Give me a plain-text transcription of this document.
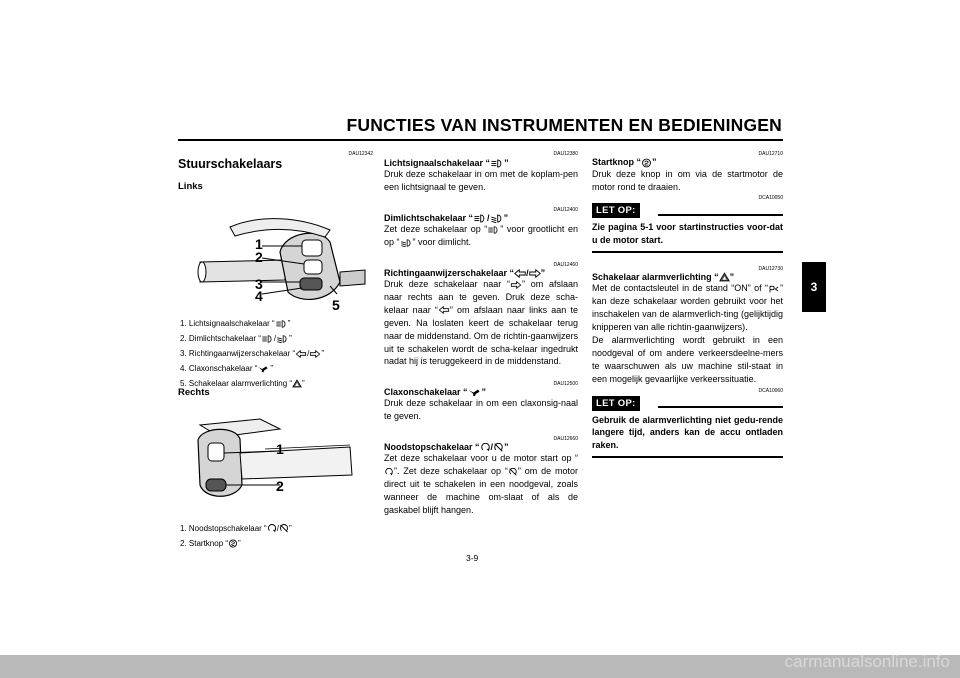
FUNCTIES VAN INSTRUMENTEN EN BEDIENINGEN
3
DAU12342
Stuurschakelaars
Links
1
2
3
4
5
1. Lichtsignaalschakelaar “ ”
2. Dimlichtschakelaar “ / ”
3. Richtingaanwijzerschakelaar “ / ”
4. Claxonschakelaar “ ”
5. Schakelaar alarmverlichting “ ”
Rechts
1
2
1. Noodstopschakelaar “ / ”
2. Startknop “ ”
DAU12380
Lichtsignaalschakelaar “ ”
Druk deze schakelaar in om met de koplam-pen een lichtsignaal te geven.
DAU12400
Dimlichtschakelaar “ / ”
Zet deze schakelaar op “ ” voor grootlicht en op “ ” voor dimlicht.
DAU12460
Richtingaanwijzerschakelaar “ / ”
Druk deze schakelaar naar “ ” om afslaan naar rechts aan te geven. Druk deze scha-kelaar naar “ ” om afslaan naar links aan te geven. Na loslaten keert de schakelaar terug naar de middenstand. Om de richtin-gaanwijzers uit te schakelen wordt de scha-kelaar ingedrukt nadat hij is teruggekeerd in de middenstand.
DAU12500
Claxonschakelaar “ ”
Druk deze schakelaar in om een claxonsig-naal te geven.
DAU12660
Noodstopschakelaar “ / ”
Zet deze schakelaar voor u de motor start op “”. Zet deze schakelaar op “ ” om de motor direct uit te schakelen in een noodgeval, zoals wanneer de machine om-slaat of als de gaskabel blijft hangen.
3-9
DAU12710
Startknop “ ”
Druk deze knop in om via de startmotor de motor rond te draaien.
DCA10050
LET OP:
Zie pagina 5-1 voor startinstructies voor-dat u de motor start.
DAU12730
Schakelaar alarmverlichting “ ”
Met de contactsleutel in de stand “ON” of “ ” kan deze schakelaar worden gebruikt voor het inschakelen van de alarmverlich-ting (gelijktijdig knipperen van alle richtin-gaanwijzers).
De alarmverlichting wordt gebruikt in een noodgeval of om andere verkeersdeelne-mers te waarschuwen als uw machine stil-staat in een mogelijk gevaarlijke verkeerssituatie.
DCA10060
LET OP:
Gebruik de alarmverlichting niet gedu-rende langere tijd, anders kan de accu ontladen raken.
carmanualsonline.info
